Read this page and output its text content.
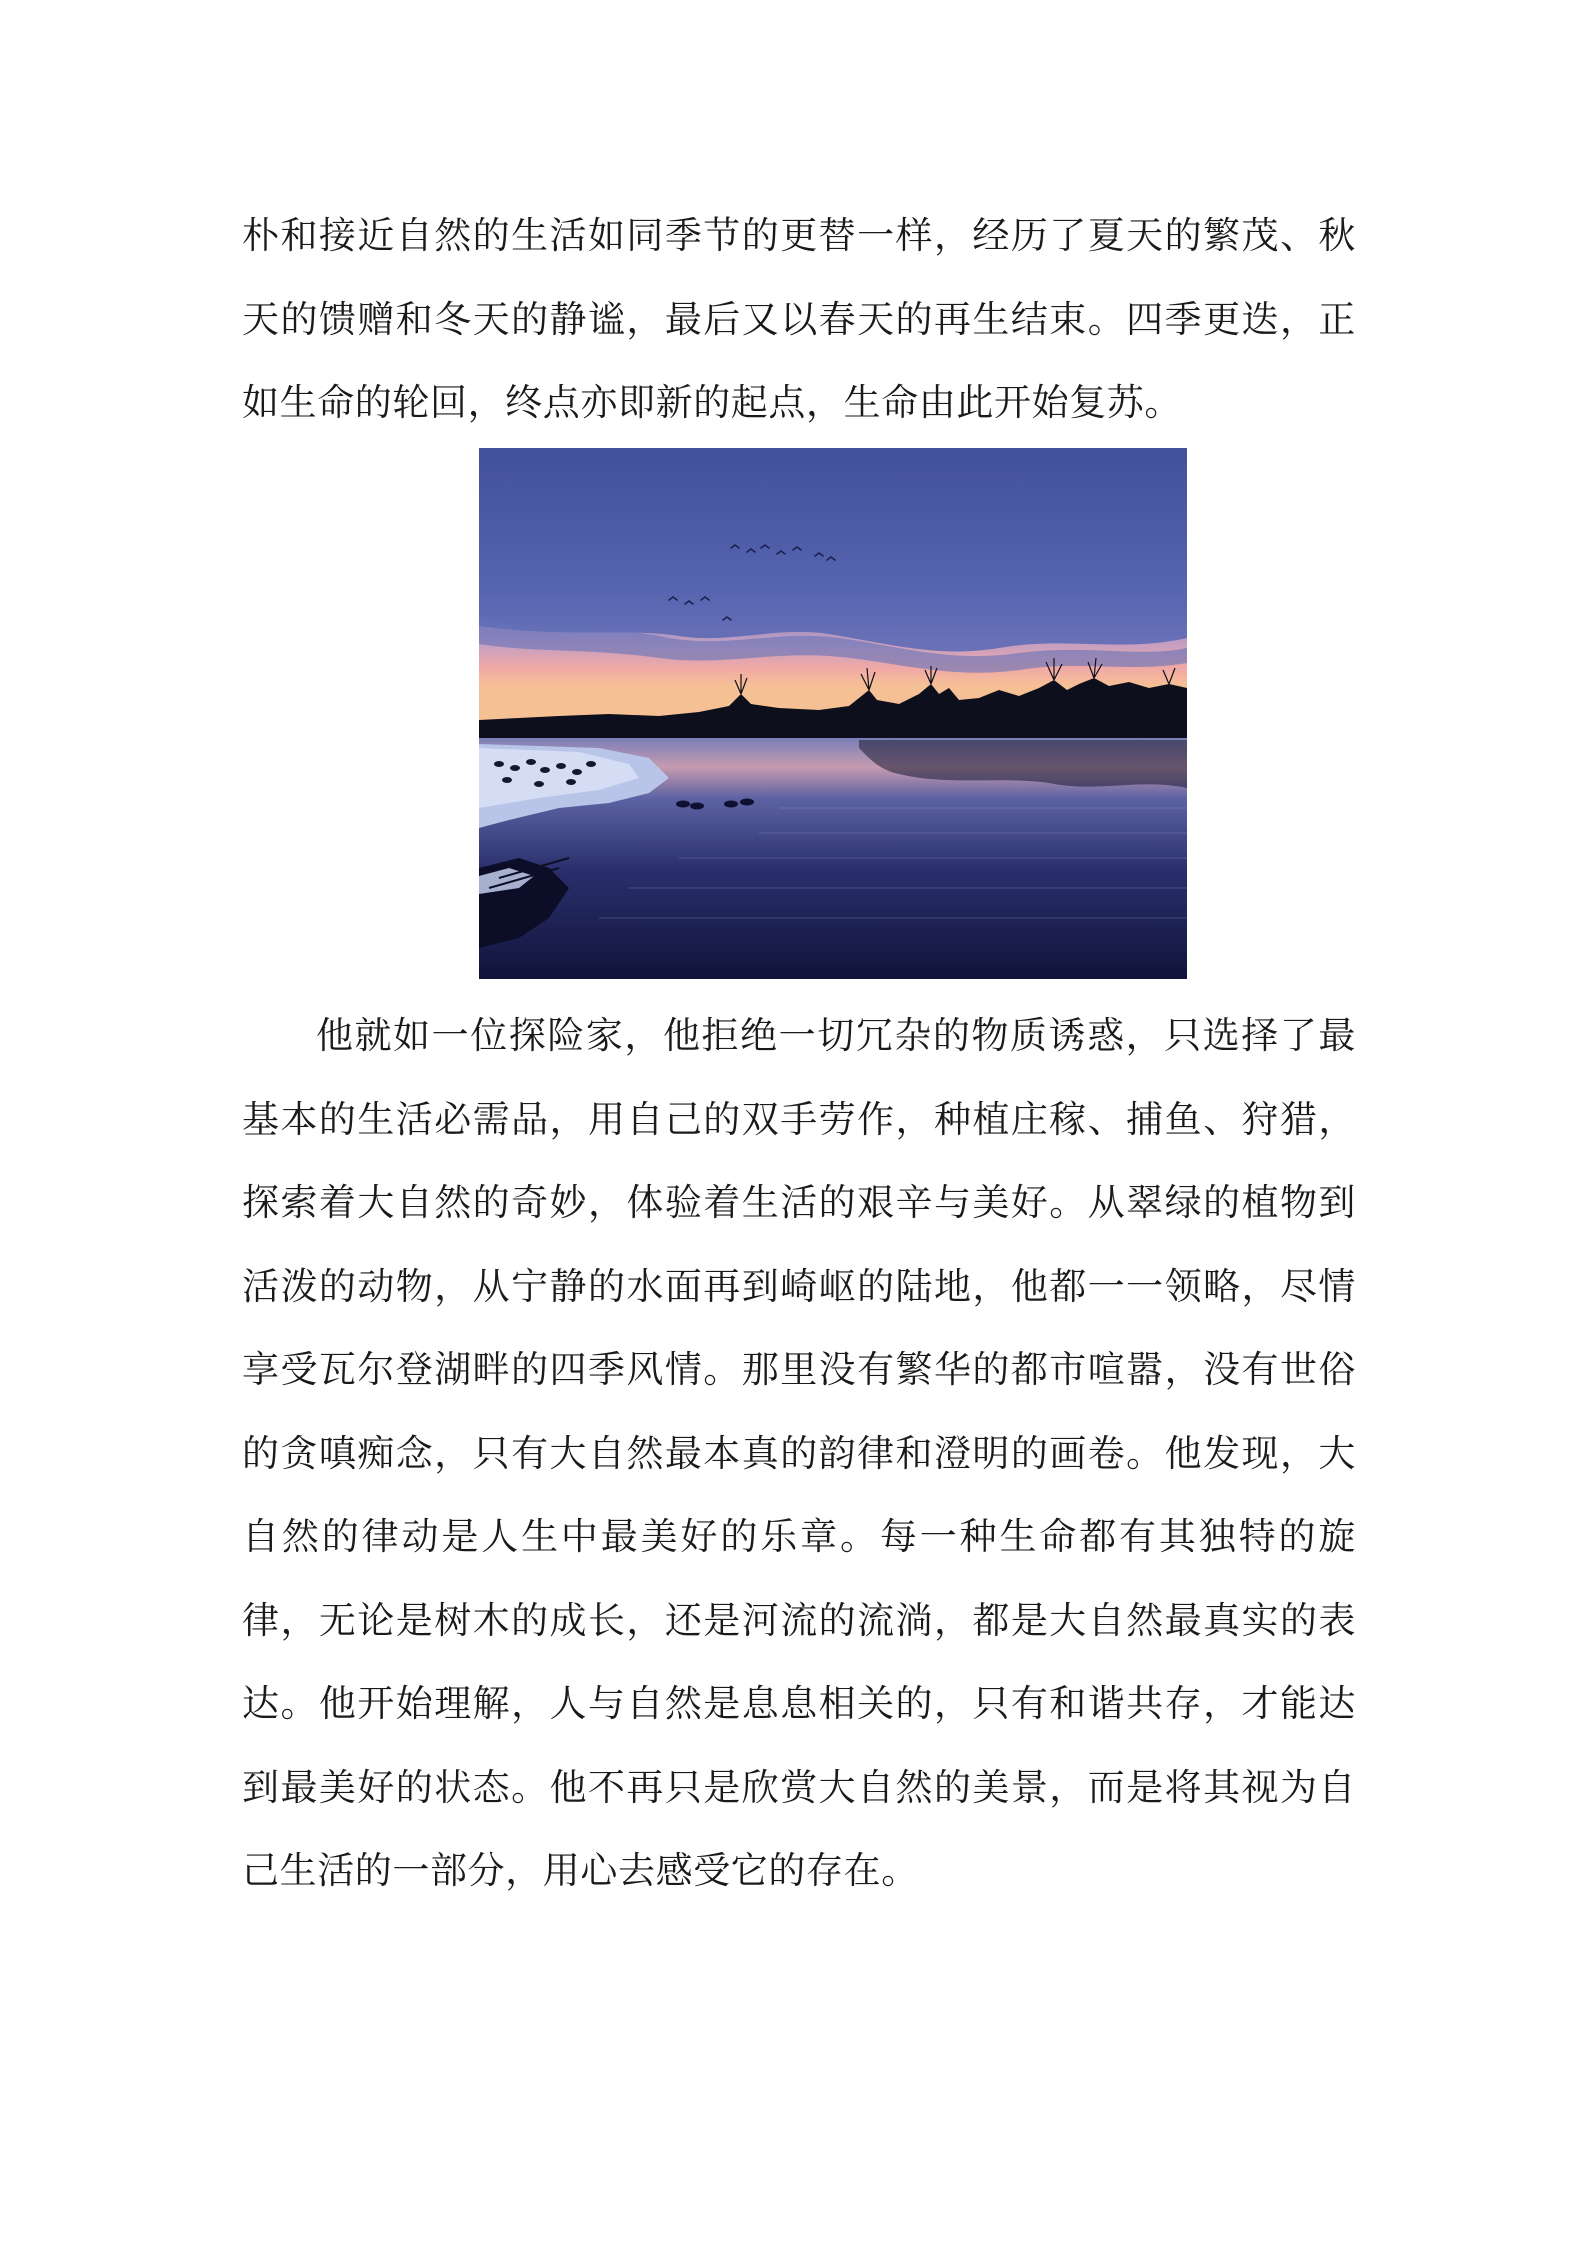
朴和接近自然的生活如同季节的更替一样，经历了夏天的繁茂、秋天的馈赠和冬天的静谧，最后又以春天的再生结束。四季更迭，正如生命的轮回，终点亦即新的起点，生命由此开始复苏。

他就如一位探险家，他拒绝一切冗杂的物质诱惑，只选择了最基本的生活必需品，用自己的双手劳作，种植庄稼、捕鱼、狩猎，探索着大自然的奇妙，体验着生活的艰辛与美好。从翠绿的植物到活泼的动物，从宁静的水面再到崎岖的陆地，他都一一领略，尽情享受瓦尔登湖畔的四季风情。那里没有繁华的都市喧嚣，没有世俗的贪嗔痴念，只有大自然最本真的韵律和澄明的画卷。他发现，大自然的律动是人生中最美好的乐章。每一种生命都有其独特的旋律，无论是树木的成长，还是河流的流淌，都是大自然最真实的表达。他开始理解，人与自然是息息相关的，只有和谐共存，才能达到最美好的状态。他不再只是欣赏大自然的美景，而是将其视为自己生活的一部分，用心去感受它的存在。
